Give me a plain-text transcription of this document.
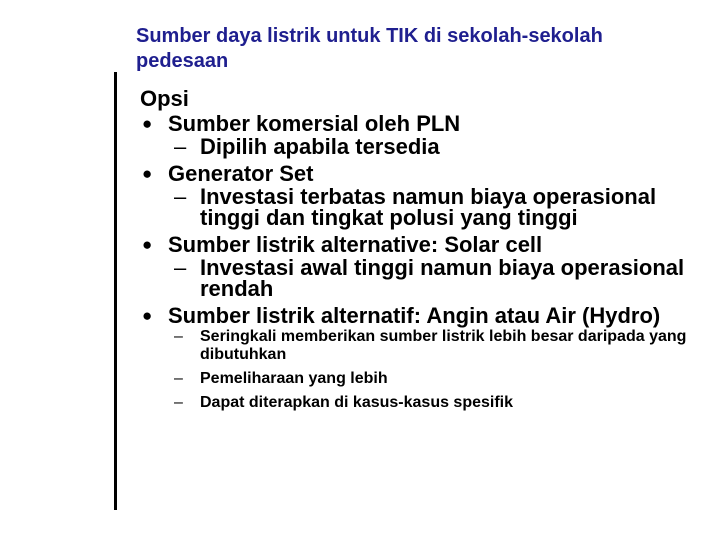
Sumber daya listrik untuk TIK di sekolah-sekolah pedesaan
Opsi
● Sumber komersial oleh PLN
– Dipilih apabila tersedia
● Generator Set
– Investasi terbatas namun biaya operasional tinggi dan tingkat polusi yang tinggi
● Sumber listrik alternative: Solar cell
– Investasi awal tinggi namun biaya operasional rendah
● Sumber listrik alternatif: Angin atau Air (Hydro)
– Seringkali memberikan sumber listrik lebih besar daripada yang dibutuhkan
– Pemeliharaan yang lebih
– Dapat diterapkan di kasus-kasus spesifik
